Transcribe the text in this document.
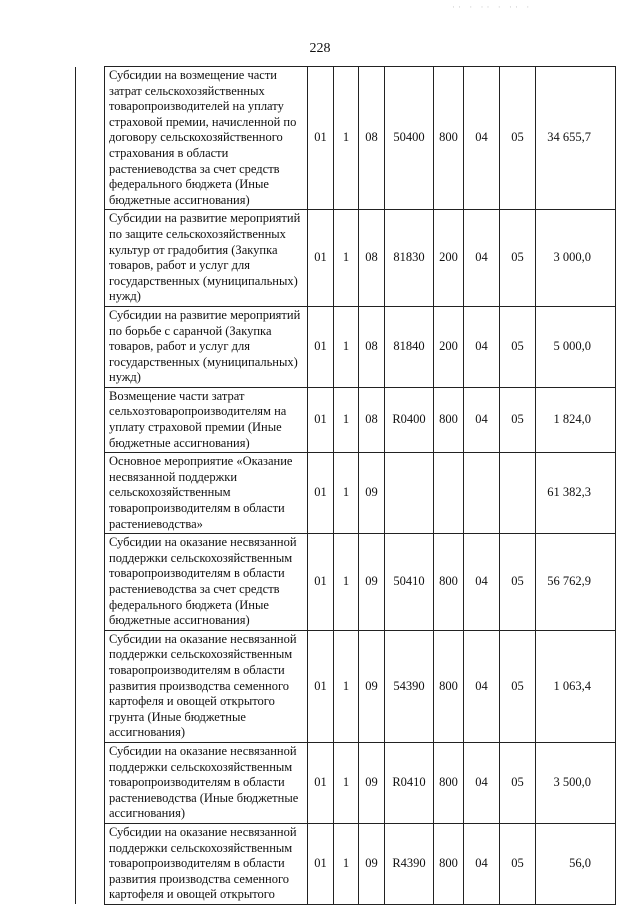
·· · ·· · ·· ·
228
	Субсидии на возмещение части затрат сельскохозяйственных товаропроизводителей на уплату страховой премии, начисленной по договору сельскохозяйственного страхования в области растениеводства за счет средств федерального бюджета (Иные бюджетные ассигнования)	01	1	08	50400	800	04	05	34 655,7
	Субсидии на развитие мероприятий по защите сельскохозяйственных культур от градобития (Закупка товаров, работ и услуг для государственных (муниципальных) нужд)	01	1	08	81830	200	04	05	3 000,0
	Субсидии на развитие мероприятий по борьбе с саранчой (Закупка товаров, работ и услуг для государственных (муниципальных) нужд)	01	1	08	81840	200	04	05	5 000,0
	Возмещение части затрат сельхозтоваропроизводителям на уплату страховой премии (Иные бюджетные ассигнования)	01	1	08	R0400	800	04	05	1 824,0
	Основное мероприятие «Оказание несвязанной поддержки сельскохозяйственным товаропроизводителям в области растениеводства»	01	1	09					61 382,3
	Субсидии на оказание несвязанной поддержки сельскохозяйственным товаропроизводителям в области растениеводства за счет средств федерального бюджета (Иные бюджетные ассигнования)	01	1	09	50410	800	04	05	56 762,9
	Субсидии на оказание несвязанной поддержки сельскохозяйственным товаропроизводителям в области развития производства семенного картофеля и овощей открытого грунта (Иные бюджетные ассигнования)	01	1	09	54390	800	04	05	1 063,4
	Субсидии на оказание несвязанной поддержки сельскохозяйственным товаропроизводителям в области растениеводства (Иные бюджетные ассигнования)	01	1	09	R0410	800	04	05	3 500,0
	Субсидии на оказание несвязанной поддержки сельскохозяйственным товаропроизводителям в области развития производства семенного картофеля и овощей открытого	01	1	09	R4390	800	04	05	56,0
